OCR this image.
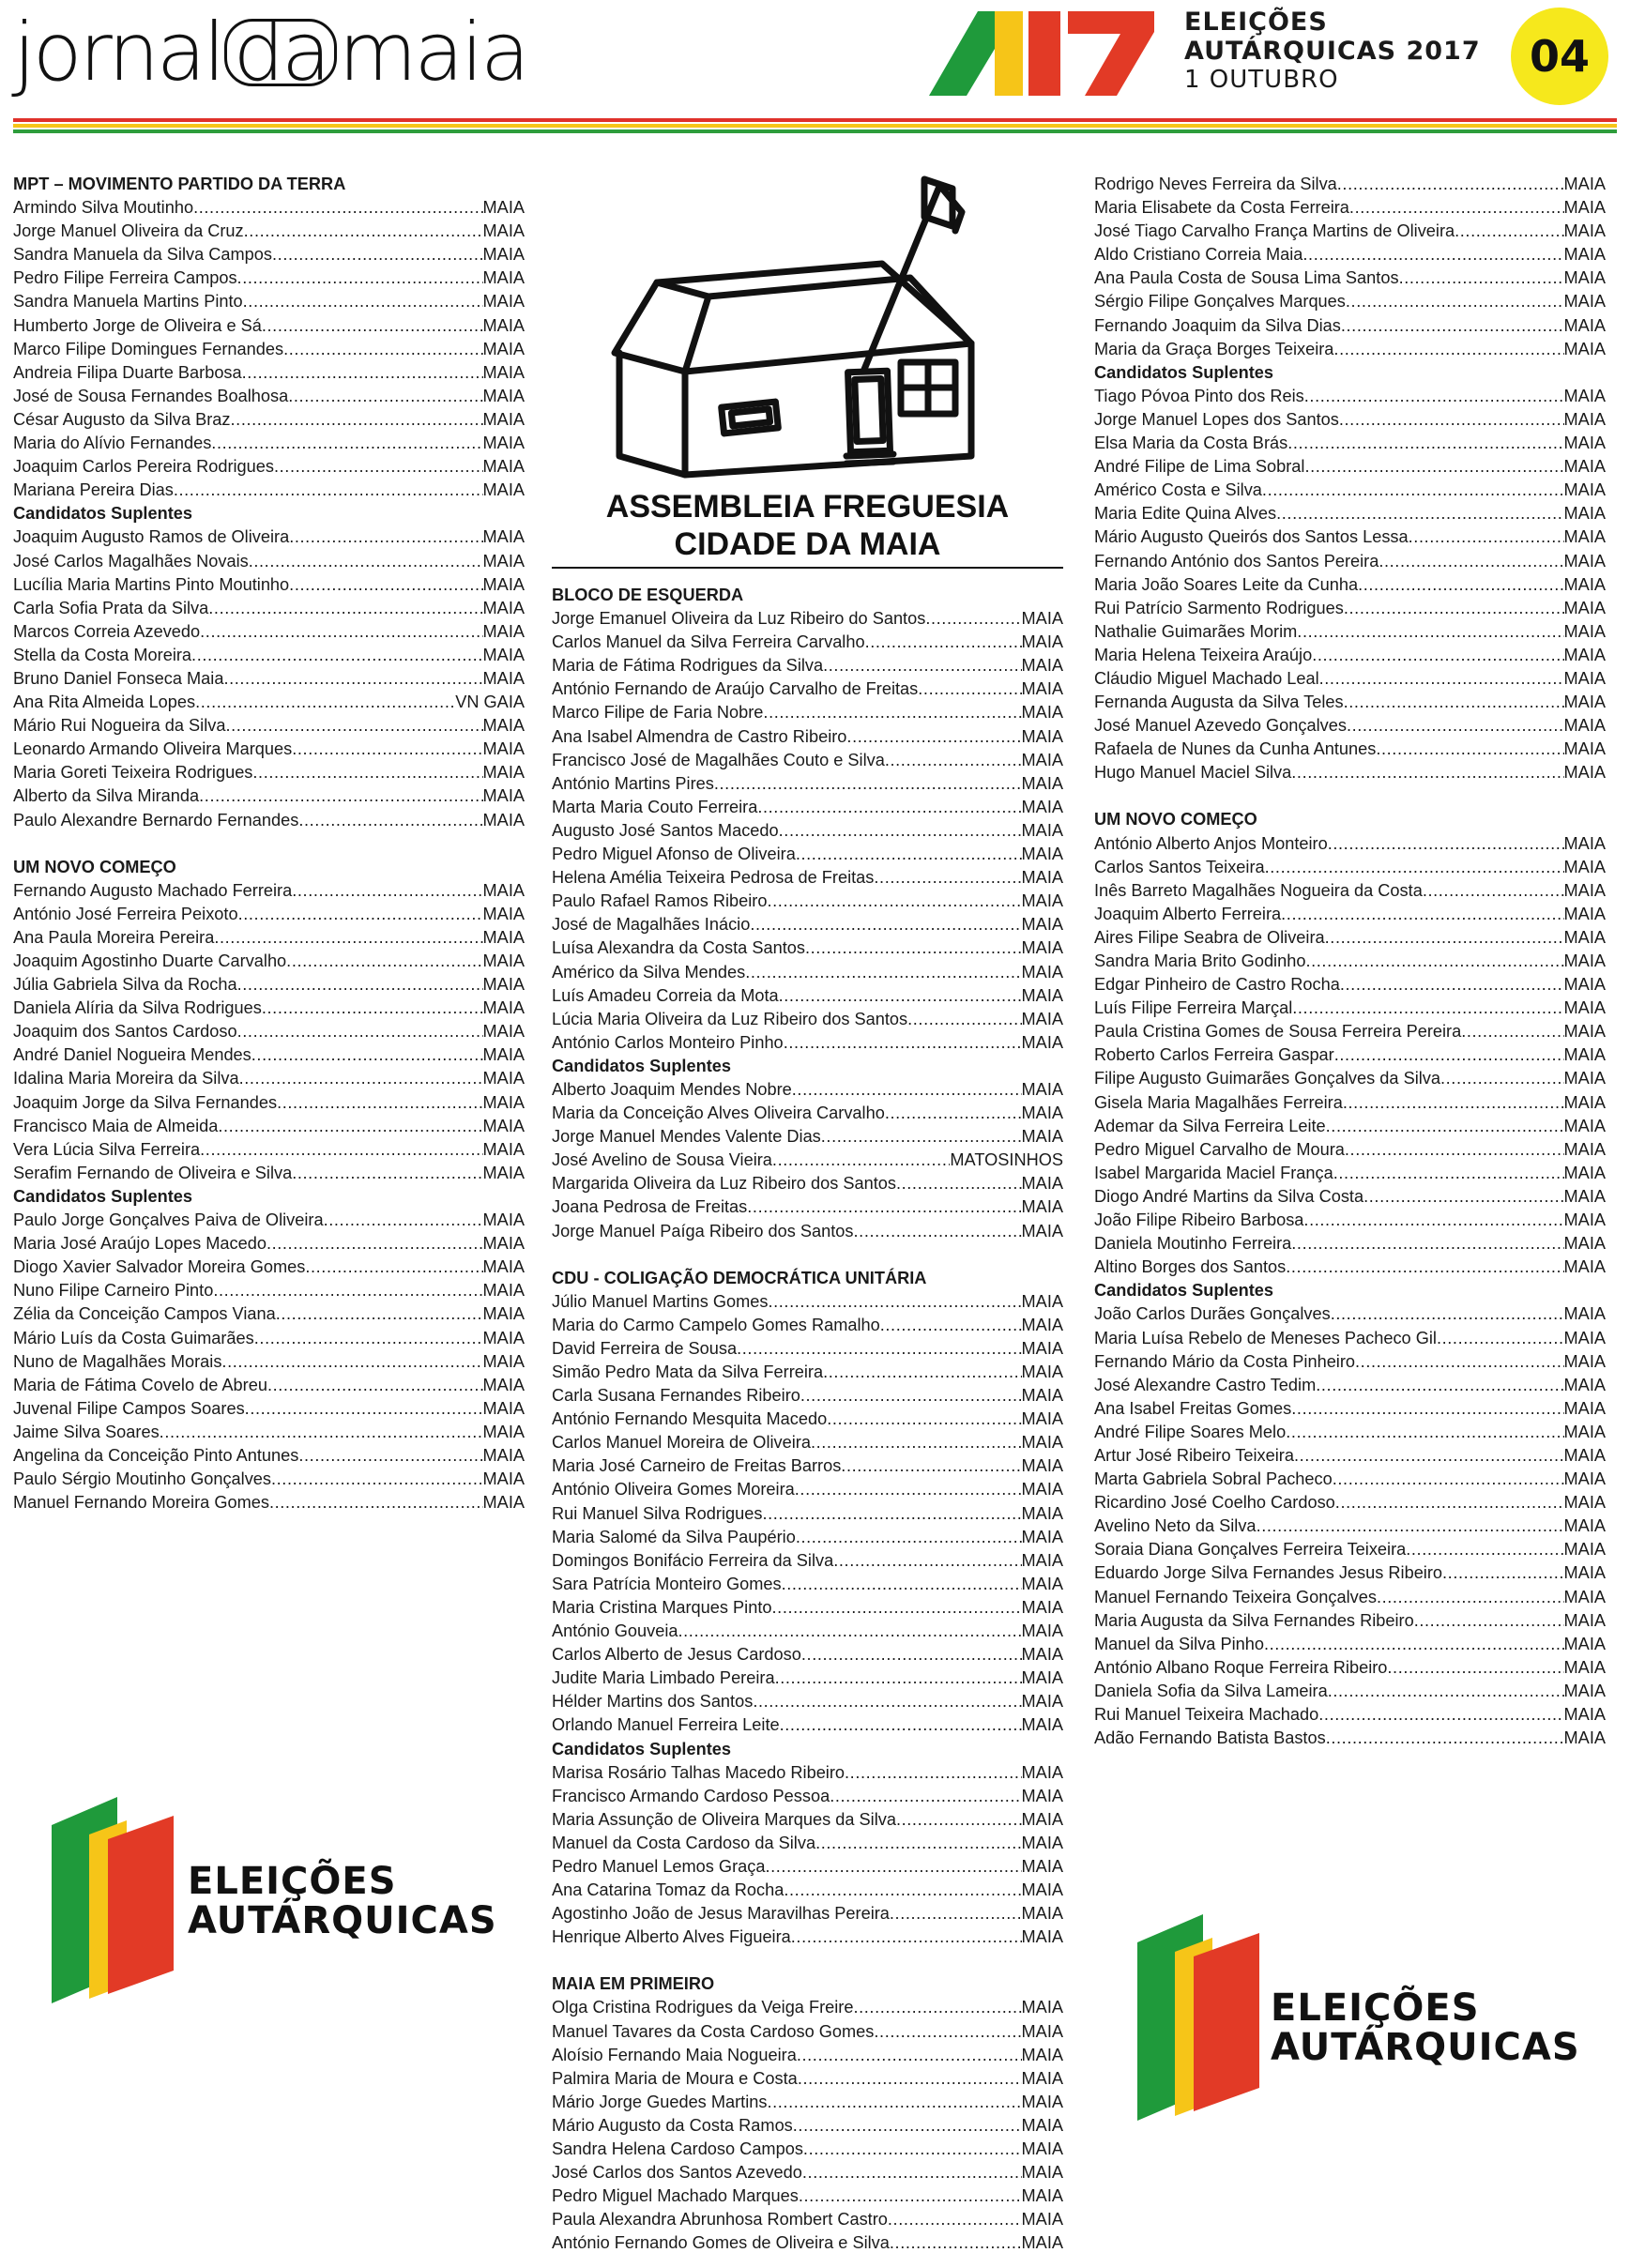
jornal da maia	ELEIÇÕES
AUTÁRQUICAS 2017
1 OUTUBRO	04
MPT – MOVIMENTO PARTIDO DA TERRA
Armindo Silva Moutinho .....	MAIA
Jorge Manuel Oliveira da Cruz .....	MAIA
Sandra Manuela da Silva Campos .....	MAIA
Pedro Filipe Ferreira Campos .....	MAIA
Sandra Manuela Martins Pinto .....	MAIA
Humberto Jorge de Oliveira e Sá .....	MAIA
Marco Filipe Domingues Fernandes .....	MAIA
Andreia Filipa Duarte Barbosa .....	MAIA
José de Sousa Fernandes Boalhosa .....	MAIA
César Augusto da Silva Braz .....	MAIA
Maria do Alívio Fernandes .....	MAIA
Joaquim Carlos Pereira Rodrigues .....	MAIA
Mariana Pereira Dias .....	MAIA
Candidatos Suplentes
Joaquim Augusto Ramos de Oliveira .....	MAIA
José Carlos Magalhães Novais .....	MAIA
Lucília Maria Martins Pinto Moutinho .....	MAIA
Carla Sofia Prata da Silva .....	MAIA
Marcos Correia Azevedo .....	MAIA
Stella da Costa Moreira .....	MAIA
Bruno Daniel Fonseca Maia .....	MAIA
Ana Rita Almeida Lopes .....	VN GAIA
Mário Rui Nogueira da Silva .....	MAIA
Leonardo Armando Oliveira Marques .....	MAIA
Maria Goreti Teixeira Rodrigues .....	MAIA
Alberto da Silva Miranda .....	MAIA
Paulo Alexandre Bernardo Fernandes .....	MAIA
UM NOVO COMEÇO
Fernando Augusto Machado Ferreira .....	MAIA
António José Ferreira Peixoto .....	MAIA
Ana Paula Moreira Pereira .....	MAIA
Joaquim Agostinho Duarte Carvalho .....	MAIA
Júlia Gabriela Silva da Rocha .....	MAIA
Daniela Alíria da Silva Rodrigues .....	MAIA
Joaquim dos Santos Cardoso .....	MAIA
André Daniel Nogueira Mendes .....	MAIA
Idalina Maria Moreira da Silva .....	MAIA
Joaquim Jorge da Silva Fernandes .....	MAIA
Francisco Maia de Almeida .....	MAIA
Vera Lúcia Silva Ferreira .....	MAIA
Serafim Fernando de Oliveira e Silva .....	MAIA
Candidatos Suplentes
Paulo Jorge Gonçalves Paiva de Oliveira .....	MAIA
Maria José Araújo Lopes Macedo .....	MAIA
Diogo Xavier Salvador Moreira Gomes .....	MAIA
Nuno Filipe Carneiro Pinto .....	MAIA
Zélia da Conceição Campos Viana .....	MAIA
Mário Luís da Costa Guimarães .....	MAIA
Nuno de Magalhães Morais .....	MAIA
Maria de Fátima Covelo de Abreu .....	MAIA
Juvenal Filipe Campos Soares .....	MAIA
Jaime Silva Soares .....	MAIA
Angelina da Conceição Pinto Antunes .....	MAIA
Paulo Sérgio Moutinho Gonçalves .....	MAIA
Manuel Fernando Moreira Gomes .....	MAIA
ASSEMBLEIA FREGUESIA
CIDADE DA MAIA
BLOCO DE ESQUERDA
Jorge Emanuel Oliveira da Luz Ribeiro do Santos .....	MAIA
Carlos Manuel da Silva Ferreira Carvalho .....	MAIA
Maria de Fátima Rodrigues da Silva .....	MAIA
António Fernando de Araújo Carvalho de Freitas .....	MAIA
Marco Filipe de Faria Nobre .....	MAIA
Ana Isabel Almendra de Castro Ribeiro .....	MAIA
Francisco José de Magalhães Couto e Silva .....	MAIA
António Martins Pires .....	MAIA
Marta Maria Couto Ferreira .....	MAIA
Augusto José Santos Macedo .....	MAIA
Pedro Miguel Afonso de Oliveira .....	MAIA
Helena Amélia Teixeira Pedrosa de Freitas .....	MAIA
Paulo Rafael Ramos Ribeiro .....	MAIA
José de Magalhães Inácio .....	MAIA
Luísa Alexandra da Costa Santos .....	MAIA
Américo da Silva Mendes .....	MAIA
Luís Amadeu Correia da Mota .....	MAIA
Lúcia Maria Oliveira da Luz Ribeiro dos Santos .....	MAIA
António Carlos Monteiro Pinho .....	MAIA
Candidatos Suplentes
Alberto Joaquim Mendes Nobre .....	MAIA
Maria da Conceição Alves Oliveira Carvalho .....	MAIA
Jorge Manuel Mendes Valente Dias .....	MAIA
José Avelino de Sousa Vieira .....	MATOSINHOS
Margarida Oliveira da Luz Ribeiro dos Santos .....	MAIA
Joana Pedrosa de Freitas .....	MAIA
Jorge Manuel Paíga Ribeiro dos Santos .....	MAIA
CDU - COLIGAÇÃO DEMOCRÁTICA UNITÁRIA
Júlio Manuel Martins Gomes .....	MAIA
Maria do Carmo Campelo Gomes Ramalho .....	MAIA
David Ferreira de Sousa .....	MAIA
Simão Pedro Mata da Silva Ferreira .....	MAIA
Carla Susana Fernandes Ribeiro .....	MAIA
António Fernando Mesquita Macedo .....	MAIA
Carlos Manuel Moreira de Oliveira .....	MAIA
Maria José Carneiro de Freitas Barros .....	MAIA
António Oliveira Gomes Moreira .....	MAIA
Rui Manuel Silva Rodrigues .....	MAIA
Maria Salomé da Silva Paupério .....	MAIA
Domingos Bonifácio Ferreira da Silva .....	MAIA
Sara Patrícia Monteiro Gomes .....	MAIA
Maria Cristina Marques Pinto .....	MAIA
António Gouveia .....	MAIA
Carlos Alberto de Jesus Cardoso .....	MAIA
Judite Maria Limbado Pereira .....	MAIA
Hélder Martins dos Santos .....	MAIA
Orlando Manuel Ferreira Leite .....	MAIA
Candidatos Suplentes
Marisa Rosário Talhas Macedo Ribeiro .....	MAIA
Francisco Armando Cardoso Pessoa .....	MAIA
Maria Assunção de Oliveira Marques da Silva .....	MAIA
Manuel da Costa Cardoso da Silva .....	MAIA
Pedro Manuel Lemos Graça .....	MAIA
Ana Catarina Tomaz da Rocha .....	MAIA
Agostinho João de Jesus Maravilhas Pereira .....	MAIA
Henrique Alberto Alves Figueira .....	MAIA
MAIA EM PRIMEIRO
Olga Cristina Rodrigues da Veiga Freire .....	MAIA
Manuel Tavares da Costa Cardoso Gomes .....	MAIA
Aloísio Fernando Maia Nogueira .....	MAIA
Palmira Maria de Moura e Costa .....	MAIA
Mário Jorge Guedes Martins .....	MAIA
Mário Augusto da Costa Ramos .....	MAIA
Sandra Helena Cardoso Campos .....	MAIA
José Carlos dos Santos Azevedo .....	MAIA
Pedro Miguel Machado Marques .....	MAIA
Paula Alexandra Abrunhosa Rombert Castro .....	MAIA
António Fernando Gomes de Oliveira e Silva .....	MAIA
Rodrigo Neves Ferreira da Silva .....	MAIA
Maria Elisabete da Costa Ferreira .....	MAIA
José Tiago Carvalho França Martins de Oliveira .....	MAIA
Aldo Cristiano Correia Maia .....	MAIA
Ana Paula Costa de Sousa Lima Santos .....	MAIA
Sérgio Filipe Gonçalves Marques .....	MAIA
Fernando Joaquim da Silva Dias .....	MAIA
Maria da Graça Borges Teixeira .....	MAIA
Candidatos Suplentes
Tiago Póvoa Pinto dos Reis .....	MAIA
Jorge Manuel Lopes dos Santos .....	MAIA
Elsa Maria da Costa Brás .....	MAIA
André Filipe de Lima Sobral .....	MAIA
Américo Costa e Silva .....	MAIA
Maria Edite Quina Alves .....	MAIA
Mário Augusto Queirós dos Santos Lessa .....	MAIA
Fernando António dos Santos Pereira .....	MAIA
Maria João Soares Leite da Cunha .....	MAIA
Rui Patrício Sarmento Rodrigues .....	MAIA
Nathalie Guimarães Morim .....	MAIA
Maria Helena Teixeira Araújo .....	MAIA
Cláudio Miguel Machado Leal .....	MAIA
Fernanda Augusta da Silva Teles .....	MAIA
José Manuel Azevedo Gonçalves .....	MAIA
Rafaela de Nunes da Cunha Antunes .....	MAIA
Hugo Manuel Maciel Silva .....	MAIA
UM NOVO COMEÇO
António Alberto Anjos Monteiro .....	MAIA
Carlos Santos Teixeira .....	MAIA
Inês Barreto Magalhães Nogueira da Costa .....	MAIA
Joaquim Alberto Ferreira .....	MAIA
Aires Filipe Seabra de Oliveira .....	MAIA
Sandra Maria Brito Godinho .....	MAIA
Edgar Pinheiro de Castro Rocha .....	MAIA
Luís Filipe Ferreira Marçal .....	MAIA
Paula Cristina Gomes de Sousa Ferreira Pereira .....	MAIA
Roberto Carlos Ferreira Gaspar .....	MAIA
Filipe Augusto Guimarães Gonçalves da Silva .....	MAIA
Gisela Maria Magalhães Ferreira .....	MAIA
Ademar da Silva Ferreira Leite .....	MAIA
Pedro Miguel Carvalho de Moura .....	MAIA
Isabel Margarida Maciel França .....	MAIA
Diogo André Martins da Silva Costa .....	MAIA
João Filipe Ribeiro Barbosa .....	MAIA
Daniela Moutinho Ferreira .....	MAIA
Altino Borges dos Santos .....	MAIA
Candidatos Suplentes
João Carlos Durães Gonçalves .....	MAIA
Maria Luísa Rebelo de Meneses Pacheco Gil .....	MAIA
Fernando Mário da Costa Pinheiro .....	MAIA
José Alexandre Castro Tedim .....	MAIA
Ana Isabel Freitas Gomes .....	MAIA
André Filipe Soares Melo .....	MAIA
Artur José Ribeiro Teixeira .....	MAIA
Marta Gabriela Sobral Pacheco .....	MAIA
Ricardino José Coelho Cardoso .....	MAIA
Avelino Neto da Silva .....	MAIA
Soraia Diana Gonçalves Ferreira Teixeira .....	MAIA
Eduardo Jorge Silva Fernandes Jesus Ribeiro .....	MAIA
Manuel Fernando Teixeira Gonçalves .....	MAIA
Maria Augusta da Silva Fernandes Ribeiro .....	MAIA
Manuel da Silva Pinho .....	MAIA
António Albano Roque Ferreira Ribeiro .....	MAIA
Daniela Sofia da Silva Lameira .....	MAIA
Rui Manuel Teixeira Machado .....	MAIA
Adão Fernando Batista Bastos .....	MAIA
ELEIÇÕES
AUTÁRQUICAS
ELEIÇÕES
AUTÁRQUICAS
